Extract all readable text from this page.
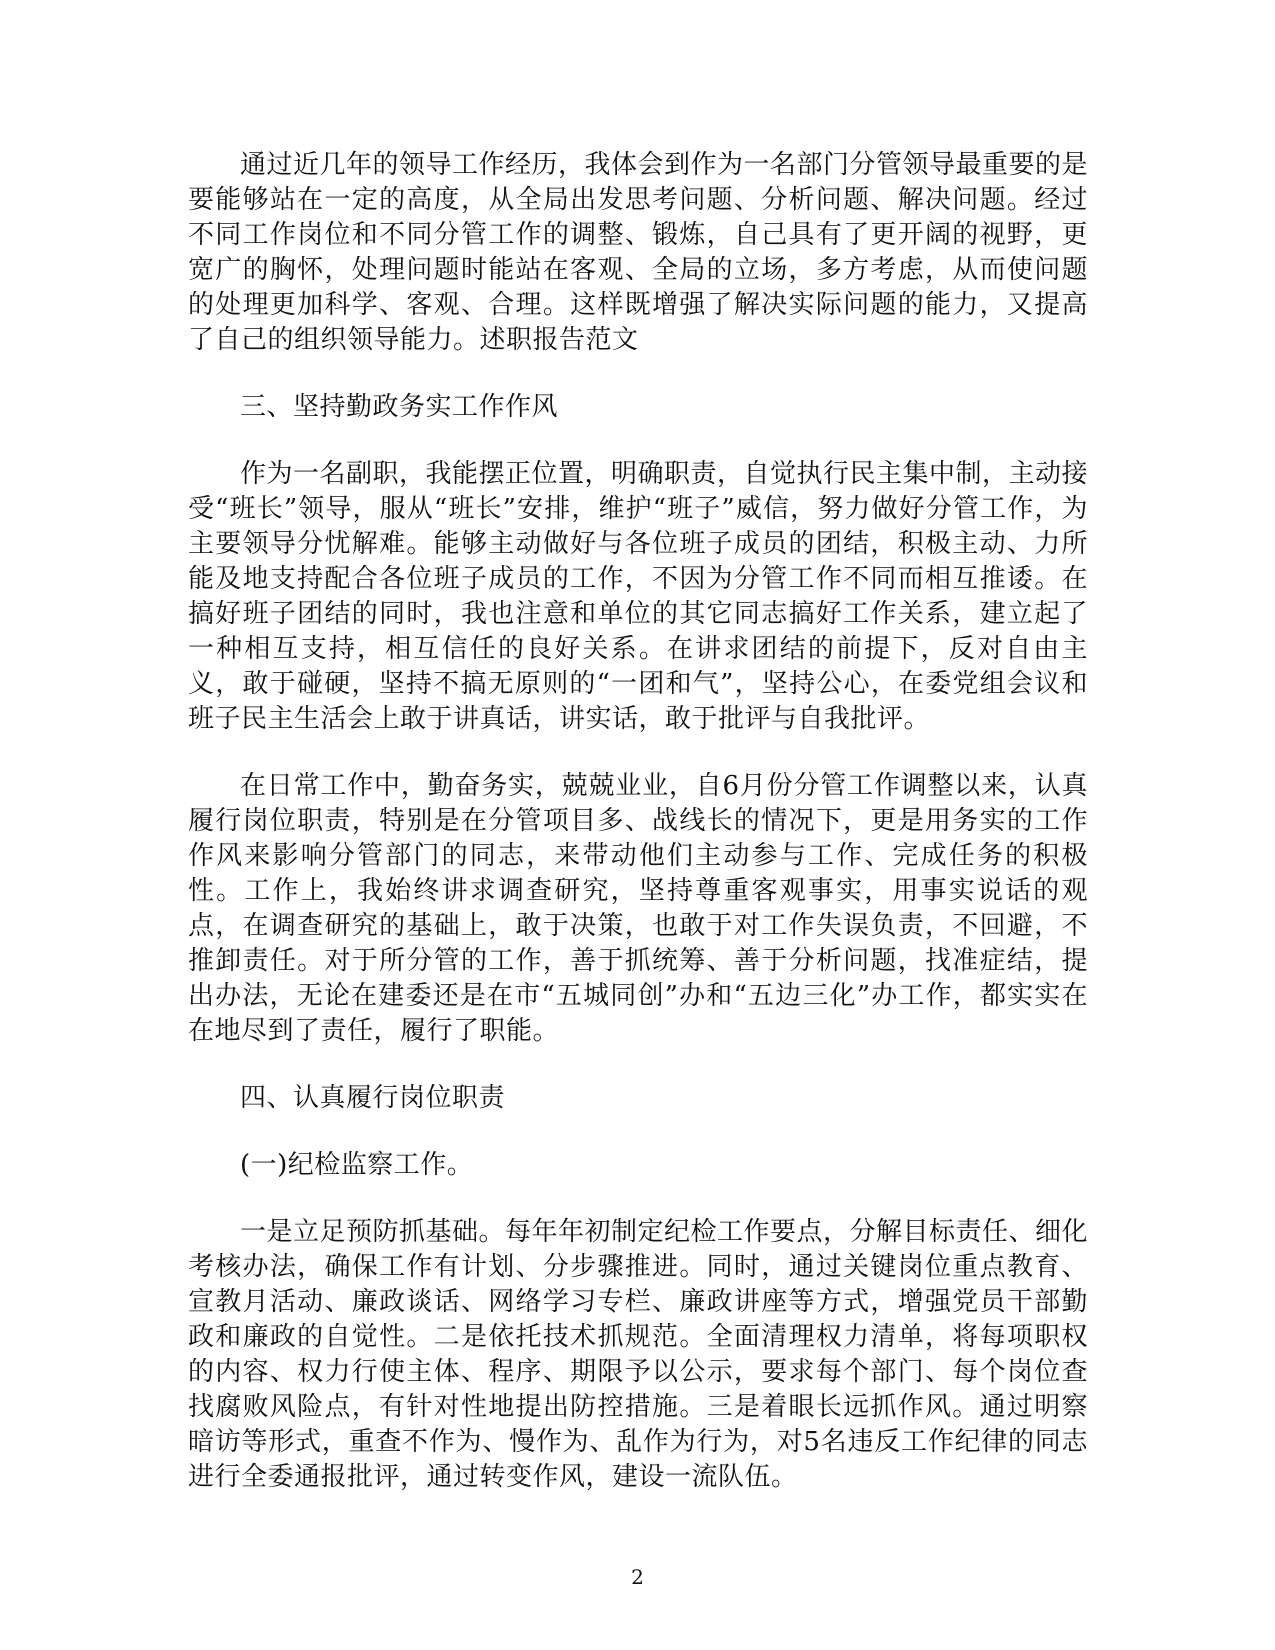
通过近几年的领导工作经历，我体会到作为一名部门分管领导最重要的是要能够站在一定的高度，从全局出发思考问题、分析问题、解决问题。经过不同工作岗位和不同分管工作的调整、锻炼，自己具有了更开阔的视野，更宽广的胸怀，处理问题时能站在客观、全局的立场，多方考虑，从而使问题的处理更加科学、客观、合理。这样既增强了解决实际问题的能力，又提高了自己的组织领导能力。述职报告范文

三、坚持勤政务实工作作风

作为一名副职，我能摆正位置，明确职责，自觉执行民主集中制，主动接受“班长”领导，服从“班长”安排，维护“班子”威信，努力做好分管工作，为主要领导分忧解难。能够主动做好与各位班子成员的团结，积极主动、力所能及地支持配合各位班子成员的工作，不因为分管工作不同而相互推诿。在搞好班子团结的同时，我也注意和单位的其它同志搞好工作关系，建立起了一种相互支持，相互信任的良好关系。在讲求团结的前提下，反对自由主义，敢于碰硬，坚持不搞无原则的“一团和气”，坚持公心，在委党组会议和班子民主生活会上敢于讲真话，讲实话，敢于批评与自我批评。

在日常工作中，勤奋务实，兢兢业业，自6月份分管工作调整以来，认真履行岗位职责，特别是在分管项目多、战线长的情况下，更是用务实的工作作风来影响分管部门的同志，来带动他们主动参与工作、完成任务的积极性。工作上，我始终讲求调查研究，坚持尊重客观事实，用事实说话的观点，在调查研究的基础上，敢于决策，也敢于对工作失误负责，不回避，不推卸责任。对于所分管的工作，善于抓统筹、善于分析问题，找准症结，提出办法，无论在建委还是在市“五城同创”办和“五边三化”办工作，都实实在在地尽到了责任，履行了职能。

四、认真履行岗位职责

(一)纪检监察工作。

一是立足预防抓基础。每年年初制定纪检工作要点，分解目标责任、细化考核办法，确保工作有计划、分步骤推进。同时，通过关键岗位重点教育、宣教月活动、廉政谈话、网络学习专栏、廉政讲座等方式，增强党员干部勤政和廉政的自觉性。二是依托技术抓规范。全面清理权力清单，将每项职权的内容、权力行使主体、程序、期限予以公示，要求每个部门、每个岗位查找腐败风险点，有针对性地提出防控措施。三是着眼长远抓作风。通过明察暗访等形式，重查不作为、慢作为、乱作为行为，对5名违反工作纪律的同志进行全委通报批评，通过转变作风，建设一流队伍。

2
